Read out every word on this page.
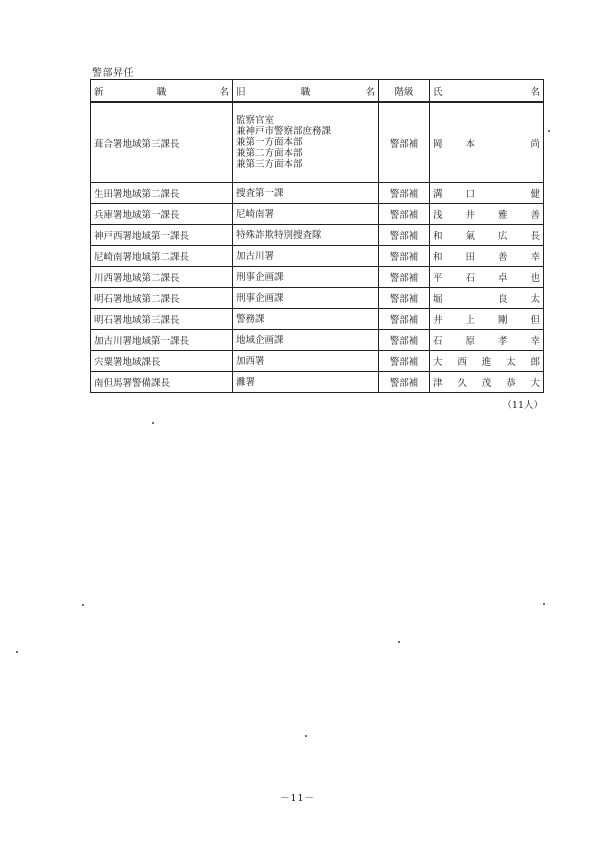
警部昇任
新　職　名	旧　職　名	階級	氏　名
葺合署地域第三課長	監察官室
兼神戸市警察部庶務課
兼第一方面本部
兼第二方面本部
兼第三方面本部	警部補	岡本　尚
生田署地域第二課長	捜査第一課	警部補	溝口　健
兵庫署地域第一課長	尼崎南署	警部補	浅井雅善
神戸西署地域第一課長	特殊詐欺特別捜査隊	警部補	和氣広長
尼崎南署地域第二課長	加古川署	警部補	和田善幸
川西署地域第二課長	刑事企画課	警部補	平石卓也
明石署地域第二課長	刑事企画課	警部補	堀　良太
明石署地域第三課長	警務課	警部補	井上剛但
加古川署地域第一課長	地域企画課	警部補	石原孝幸
宍粟署地域課長	加西署	警部補	大西進太郎
南但馬署警備課長	灘署	警部補	津久茂恭大
（11人）
－11－
